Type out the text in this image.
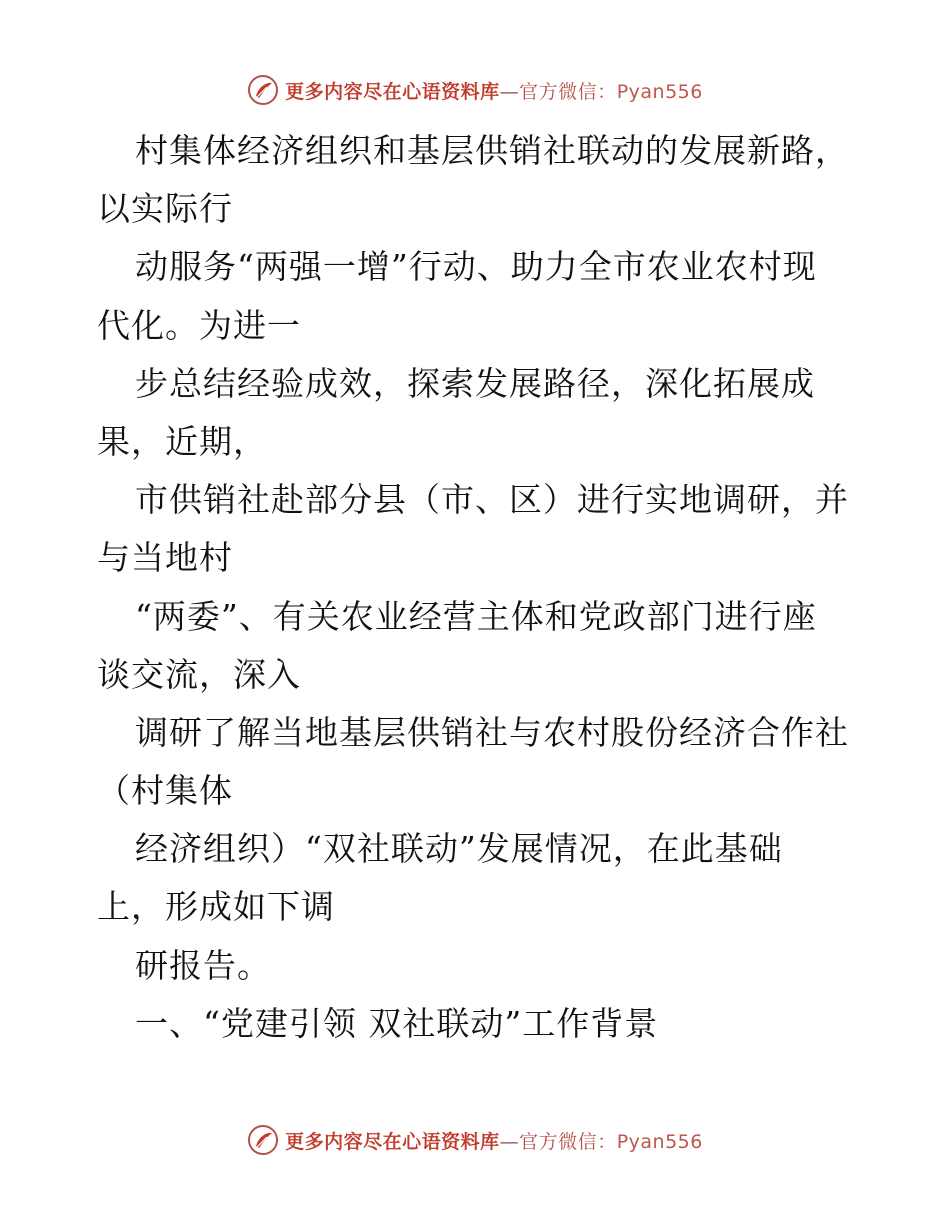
更多内容尽在心语资料库—官方微信：Pyan556
村集体经济组织和基层供销社联动的发展新路，
以实际行
动服务“两强一增”行动、助力全市农业农村现
代化。为进一
步总结经验成效，探索发展路径，深化拓展成
果，近期，
市供销社赴部分县（市、区）进行实地调研，并
与当地村
“两委”、有关农业经营主体和党政部门进行座
谈交流，深入
调研了解当地基层供销社与农村股份经济合作社
（村集体
经济组织）“双社联动”发展情况，在此基础
上，形成如下调
研报告。
一、“党建引领 双社联动”工作背景
更多内容尽在心语资料库—官方微信：Pyan556
